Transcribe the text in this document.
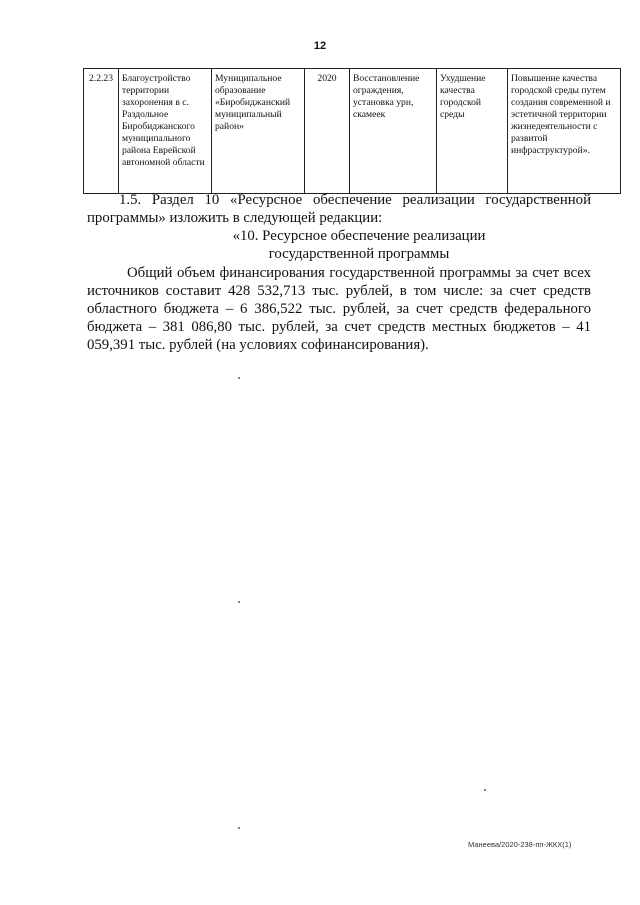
12
2.2.23	Благоустройство территории захоронения в с. Раздольное Биробиджанского муниципального района Еврейской автономной области	Муниципальное образование «Биробиджанский муниципальный район»	2020	Восстановление ограждения, установка урн, скамеек	Ухудшение качества городской среды	Повышение качества городской среды путем создания современной и эстетичной территории жизнедеятельности с развитой инфраструктурой».
1.5. Раздел 10 «Ресурсное обеспечение реализации государственной программы» изложить в следующей редакции:
«10. Ресурсное обеспечение реализации
государственной программы
Общий объем финансирования государственной программы за счет всех источников составит 428 532,713 тыс. рублей, в том числе: за счет средств областного бюджета – 6 386,522 тыс. рублей, за счет средств федерального бюджета – 381 086,80 тыс. рублей, за счет средств местных бюджетов – 41 059,391 тыс. рублей (на условиях софинансирования).
Манеева/2020-238-пп-ЖКХ(1)
